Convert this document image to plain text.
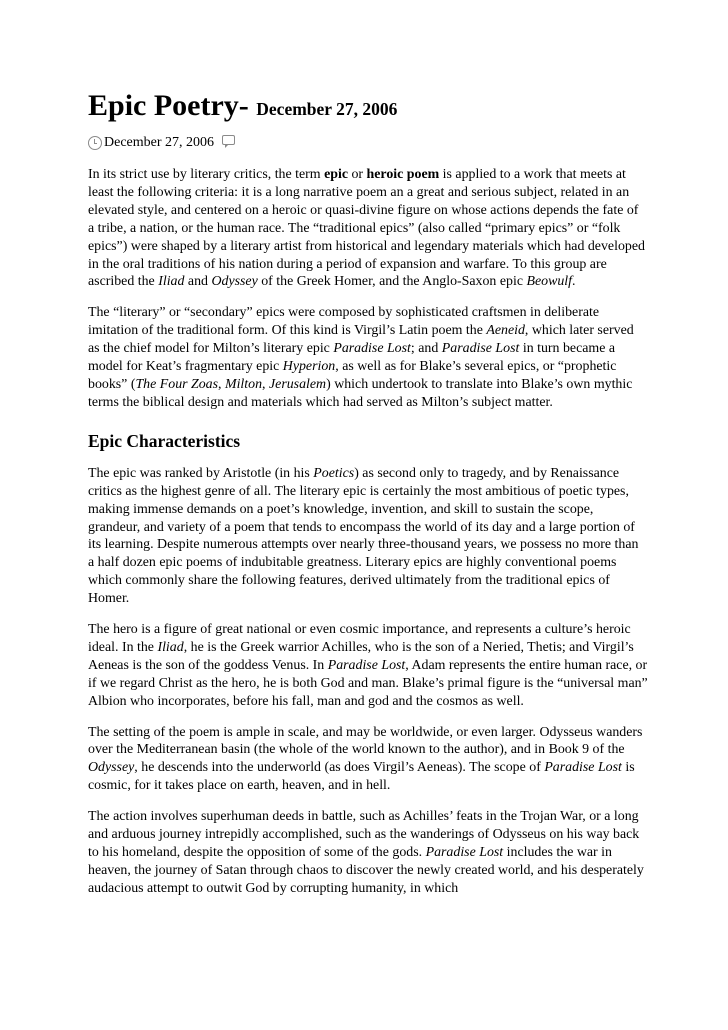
Epic Poetry- December 27, 2006
December 27, 2006

In its strict use by literary critics, the term epic or heroic poem is applied to a work that meets at least the following criteria: it is a long narrative poem an a great and serious subject, related in an elevated style, and centered on a heroic or quasi-divine figure on whose actions depends the fate of a tribe, a nation, or the human race. The “traditional epics” (also called “primary epics” or “folk epics”) were shaped by a literary artist from historical and legendary materials which had developed in the oral traditions of his nation during a period of expansion and warfare. To this group are ascribed the Iliad and Odyssey of the Greek Homer, and the Anglo-Saxon epic Beowulf.

The “literary” or “secondary” epics were composed by sophisticated craftsmen in deliberate imitation of the traditional form. Of this kind is Virgil’s Latin poem the Aeneid, which later served as the chief model for Milton’s literary epic Paradise Lost; and Paradise Lost in turn became a model for Keat’s fragmentary epic Hyperion, as well as for Blake’s several epics, or “prophetic books” (The Four Zoas, Milton, Jerusalem) which undertook to translate into Blake’s own mythic terms the biblical design and materials which had served as Milton’s subject matter.

Epic Characteristics

The epic was ranked by Aristotle (in his Poetics) as second only to tragedy, and by Renaissance critics as the highest genre of all. The literary epic is certainly the most ambitious of poetic types, making immense demands on a poet’s knowledge, invention, and skill to sustain the scope, grandeur, and variety of a poem that tends to encompass the world of its day and a large portion of its learning. Despite numerous attempts over nearly three-thousand years, we possess no more than a half dozen epic poems of indubitable greatness. Literary epics are highly conventional poems which commonly share the following features, derived ultimately from the traditional epics of Homer.

The hero is a figure of great national or even cosmic importance, and represents a culture’s heroic ideal. In the Iliad, he is the Greek warrior Achilles, who is the son of a Neried, Thetis; and Virgil’s Aeneas is the son of the goddess Venus. In Paradise Lost, Adam represents the entire human race, or if we regard Christ as the hero, he is both God and man. Blake’s primal figure is the “universal man” Albion who incorporates, before his fall, man and god and the cosmos as well.

The setting of the poem is ample in scale, and may be worldwide, or even larger. Odysseus wanders over the Mediterranean basin (the whole of the world known to the author), and in Book 9 of the Odyssey, he descends into the underworld (as does Virgil’s Aeneas). The scope of Paradise Lost is cosmic, for it takes place on earth, heaven, and in hell.

The action involves superhuman deeds in battle, such as Achilles’ feats in the Trojan War, or a long and arduous journey intrepidly accomplished, such as the wanderings of Odysseus on his way back to his homeland, despite the opposition of some of the gods. Paradise Lost includes the war in heaven, the journey of Satan through chaos to discover the newly created world, and his desperately audacious attempt to outwit God by corrupting humanity, in which
